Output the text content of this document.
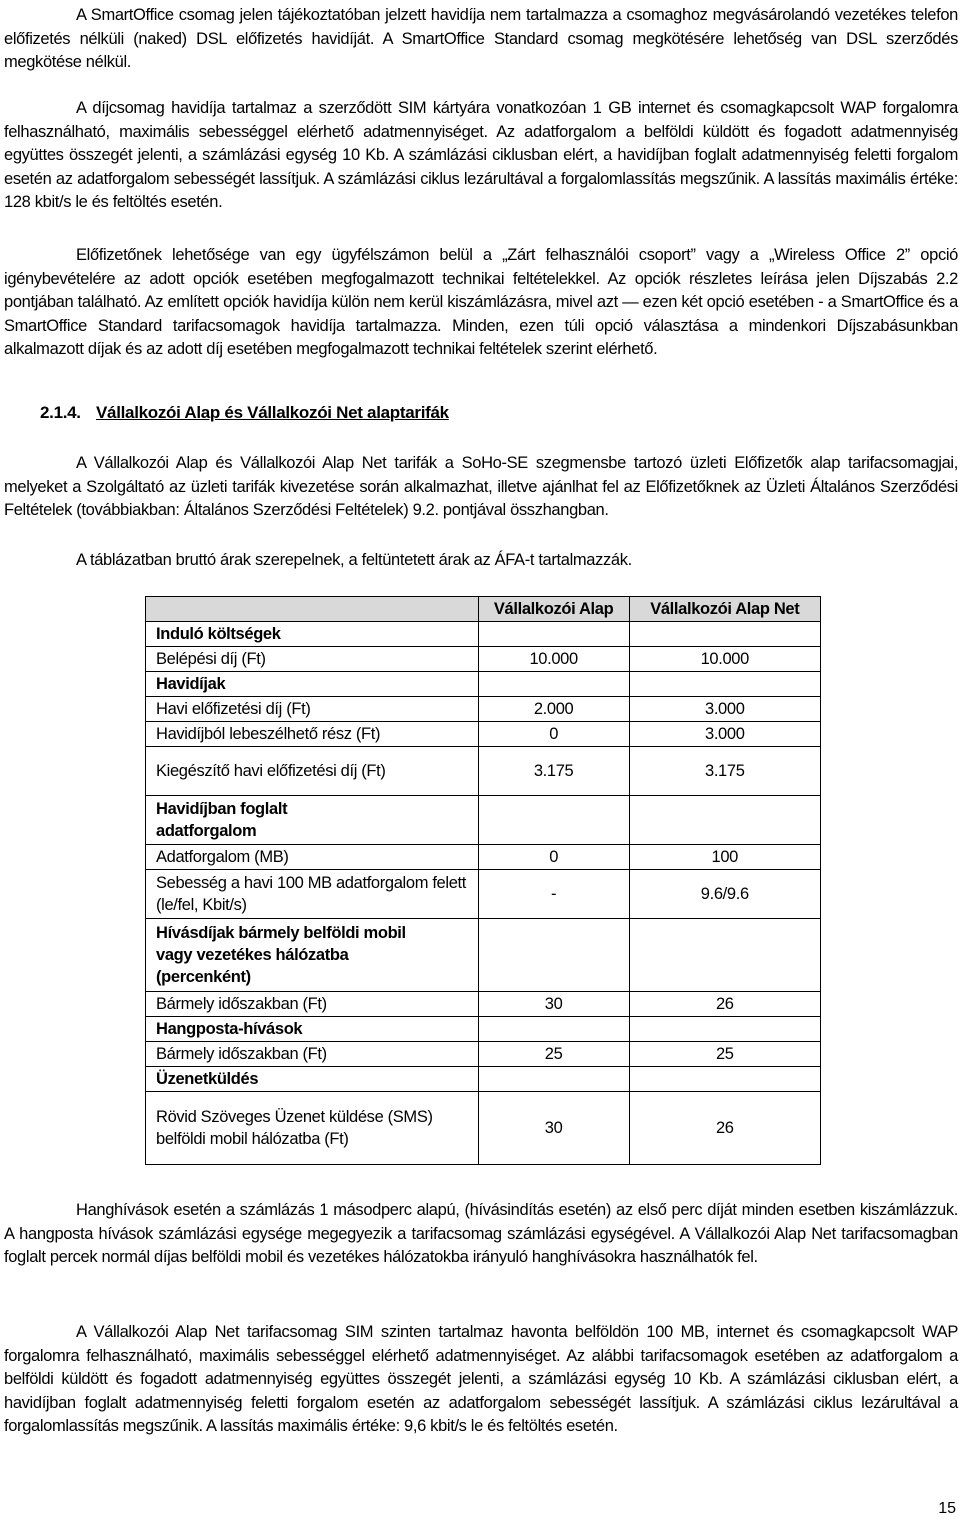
A SmartOffice csomag jelen tájékoztatóban jelzett havidíja nem tartalmazza a csomaghoz megvásárolandó vezetékes telefon előfizetés nélküli (naked) DSL előfizetés havidíját. A SmartOffice Standard csomag megkötésére lehetőség van DSL szerződés megkötése nélkül.

A díjcsomag havidíja tartalmaz a szerződött SIM kártyára vonatkozóan 1 GB internet és csomagkapcsolt WAP forgalomra felhasználható, maximális sebességgel elérhető adatmennyiséget. Az adatforgalom a belföldi küldött és fogadott adatmennyiség együttes összegét jelenti, a számlázási egység 10 Kb. A számlázási ciklusban elért, a havidíjban foglalt adatmennyiség feletti forgalom esetén az adatforgalom sebességét lassítjuk. A számlázási ciklus lezárultával a forgalomlassítás megszűnik. A lassítás maximális értéke: 128 kbit/s le és feltöltés esetén.

Előfizetőnek lehetősége van egy ügyfélszámon belül a „Zárt felhasználói csoport” vagy a „Wireless Office 2” opció igénybevételére az adott opciók esetében megfogalmazott technikai feltételekkel. Az opciók részletes leírása jelen Díjszabás 2.2 pontjában található. Az említett opciók havidíja külön nem kerül kiszámlázásra, mivel azt — ezen két opció esetében - a SmartOffice és a SmartOffice Standard tarifacsomagok havidíja tartalmazza. Minden, ezen túli opció választása a mindenkori Díjszabásunkban alkalmazott díjak és az adott díj esetében megfogalmazott technikai feltételek szerint elérhető.

2.1.4. Vállalkozói Alap és Vállalkozói Net alaptarifák

A Vállalkozói Alap és Vállalkozói Alap Net tarifák a SoHo-SE szegmensbe tartozó üzleti Előfizetők alap tarifacsomagjai, melyeket a Szolgáltató az üzleti tarifák kivezetése során alkalmazhat, illetve ajánlhat fel az Előfizetőknek az Üzleti Általános Szerződési Feltételek (továbbiakban: Általános Szerződési Feltételek) 9.2. pontjával összhangban.

A táblázatban bruttó árak szerepelnek, a feltüntetett árak az ÁFA-t tartalmazzák.

	Vállalkozói Alap	Vállalkozói Alap Net
Induló költségek		
Belépési díj (Ft)	10.000	10.000
Havidíjak		
Havi előfizetési díj (Ft)	2.000	3.000
Havidíjból lebeszélhető rész (Ft)	0	3.000
Kiegészítő havi előfizetési díj (Ft)	3.175	3.175
Havidíjban foglalt adatforgalom		
Adatforgalom (MB)	0	100
Sebesség a havi 100 MB adatforgalom felett (le/fel, Kbit/s)	-	9.6/9.6
Hívásdíjak bármely belföldi mobil vagy vezetékes hálózatba (percenként)		
Bármely időszakban (Ft)	30	26
Hangposta-hívások		
Bármely időszakban (Ft)	25	25
Üzenetküldés		
Rövid Szöveges Üzenet küldése (SMS) belföldi mobil hálózatba (Ft)	30	26

Hanghívások esetén a számlázás 1 másodperc alapú, (hívásindítás esetén) az első perc díját minden esetben kiszámlázzuk. A hangposta hívások számlázási egysége megegyezik a tarifacsomag számlázási egységével. A Vállalkozói Alap Net tarifacsomagban foglalt percek normál díjas belföldi mobil és vezetékes hálózatokba irányuló hanghívásokra használhatók fel.

A Vállalkozói Alap Net tarifacsomag SIM szinten tartalmaz havonta belföldön 100 MB, internet és csomagkapcsolt WAP forgalomra felhasználható, maximális sebességgel elérhető adatmennyiséget. Az alábbi tarifacsomagok esetében az adatforgalom a belföldi küldött és fogadott adatmennyiség együttes összegét jelenti, a számlázási egység 10 Kb. A számlázási ciklusban elért, a havidíjban foglalt adatmennyiség feletti forgalom esetén az adatforgalom sebességét lassítjuk. A számlázási ciklus lezárultával a forgalomlassítás megszűnik. A lassítás maximális értéke: 9,6 kbit/s le és feltöltés esetén.

15
